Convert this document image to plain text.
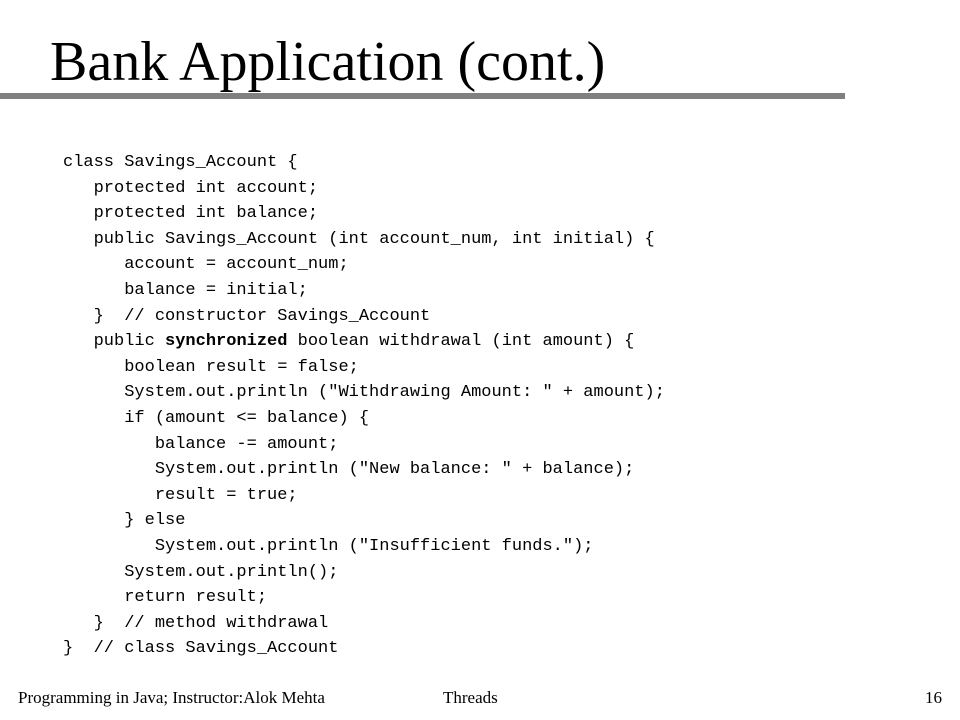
Bank Application (cont.)
class Savings_Account {
protected int account;
protected int balance;
public Savings_Account (int account_num, int initial) {
account = account_num;
balance = initial;
}  // constructor Savings_Account
public synchronized boolean withdrawal (int amount) {
boolean result = false;
System.out.println ("Withdrawing Amount: " + amount);
if (amount <= balance) {
balance -= amount;
System.out.println ("New balance: " + balance);
result = true;
} else
System.out.println ("Insufficient funds.");
System.out.println();
return result;
}  // method withdrawal
}  // class Savings_Account
Programming in Java; Instructor:Alok Mehta	Threads	16
